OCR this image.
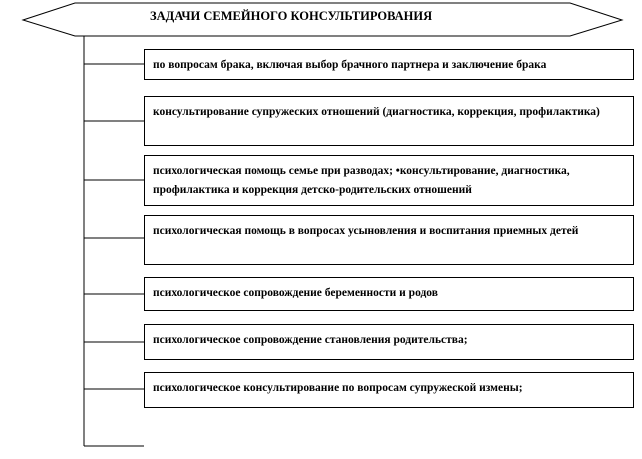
ЗАДАЧИ СЕМЕЙНОГО КОНСУЛЬТИРОВАНИЯ
по вопросам брака, включая выбор брачного партнера и заключение брака
консультирование супружеских отношений (диагностика, коррекция, профилактика)
психологическая помощь семье при разводах; •консультирование, диагностика, профилактика и коррекция детско-родительских отношений
психологическая помощь в вопросах усыновления и воспитания приемных детей
психологическое сопровождение беременности и родов
психологическое сопровождение становления родительства;
психологическое консультирование по вопросам супружеской измены;
